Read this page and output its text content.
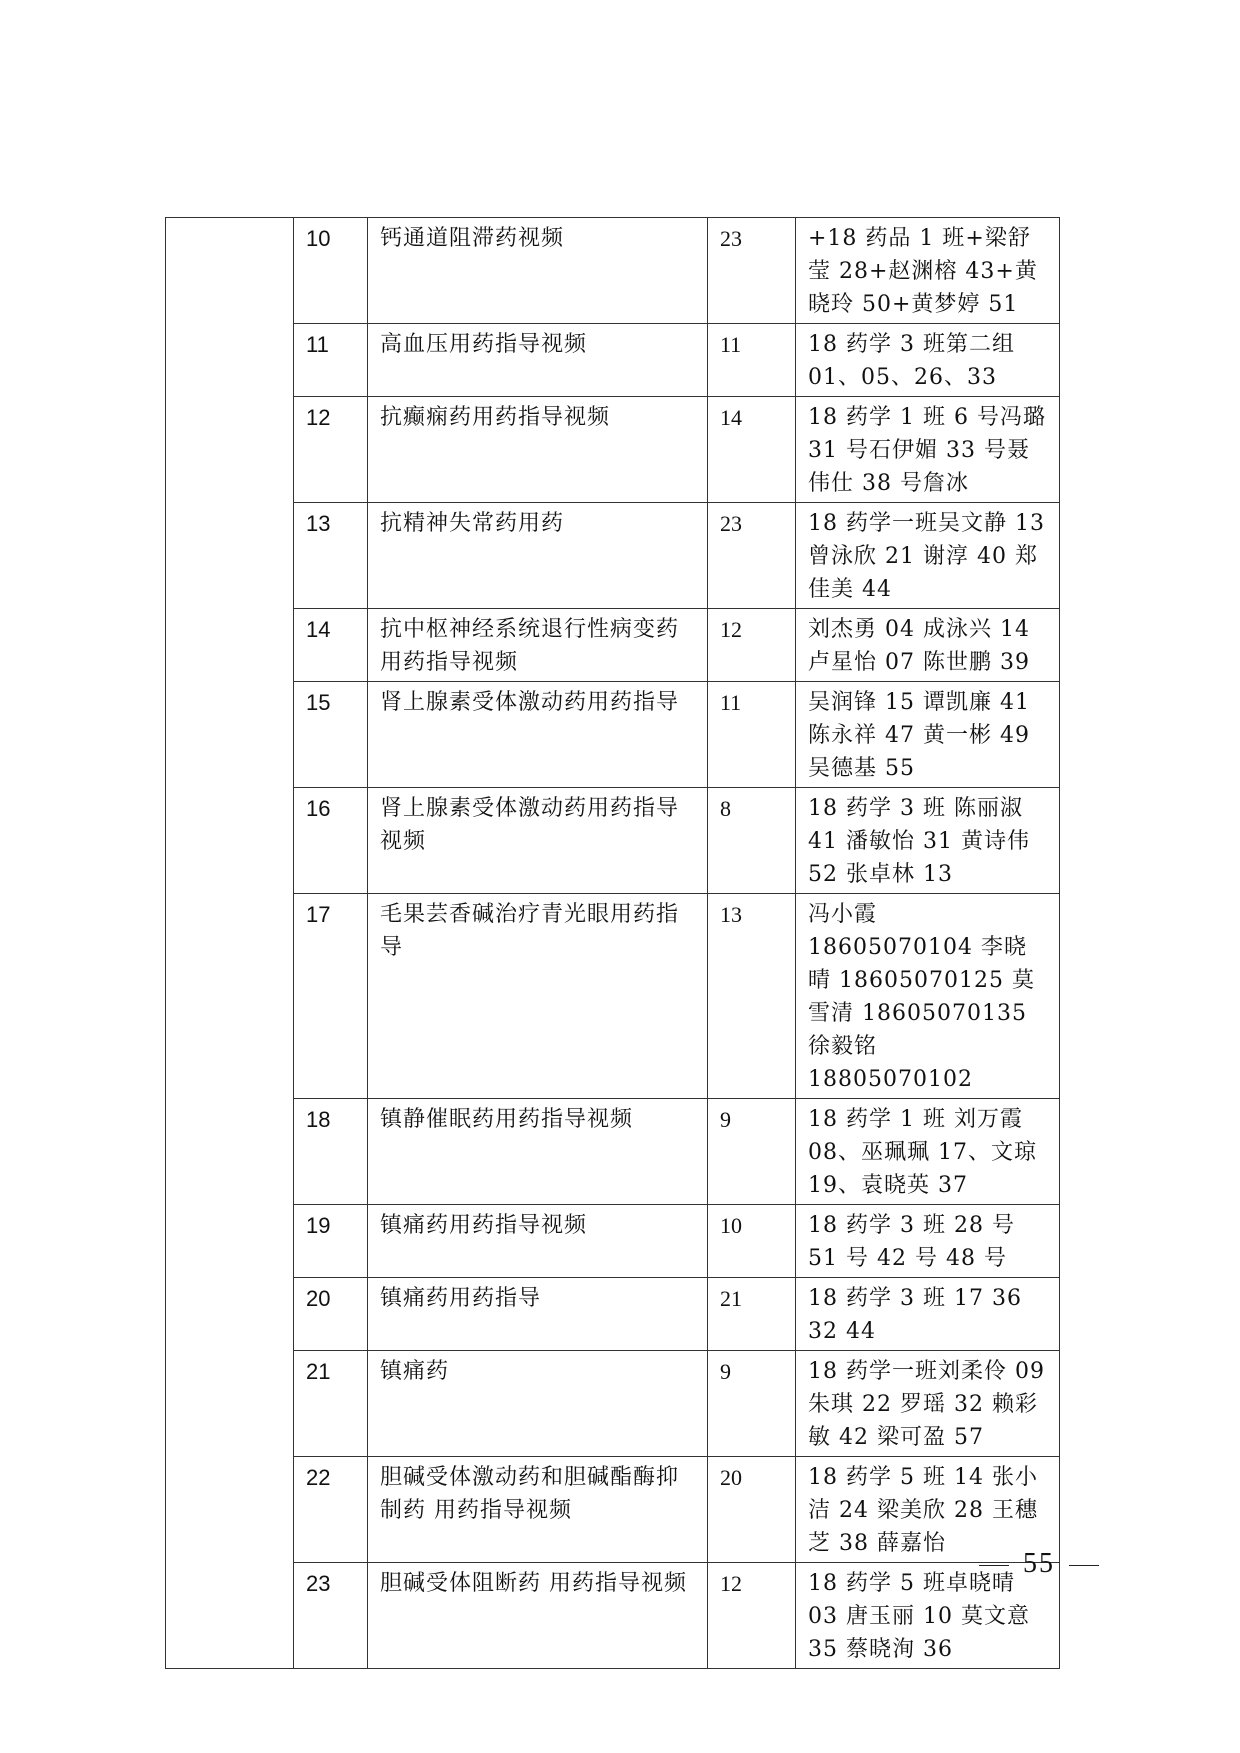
	10	钙通道阻滞药视频	23	+18 药品 1 班+梁舒莹 28+赵渊榕 43+黄晓玲 50+黄梦婷 51
	11	高血压用药指导视频	11	18 药学 3 班第二组 01、05、26、33
	12	抗癫痫药用药指导视频	14	18 药学 1 班 6 号冯璐 31 号石伊媚 33 号聂伟仕 38 号詹冰
	13	抗精神失常药用药	23	18 药学一班吴文静 13 曾泳欣 21 谢淳 40 郑佳美 44
	14	抗中枢神经系统退行性病变药用药指导视频	12	刘杰勇 04 成泳兴 14 卢星怡 07 陈世鹏 39
	15	肾上腺素受体激动药用药指导	11	吴润锋 15 谭凯廉 41 陈永祥 47 黄一彬 49 吴德基 55
	16	肾上腺素受体激动药用药指导视频	8	18 药学 3 班 陈丽淑 41 潘敏怡 31 黄诗伟 52 张卓林 13
	17	毛果芸香碱治疗青光眼用药指导	13	冯小霞 18605070104 李晓晴 18605070125 莫雪清 18605070135 徐毅铭 18805070102
	18	镇静催眠药用药指导视频	9	18 药学 1 班 刘万霞 08、巫珮珮 17、文琼 19、袁晓英 37
	19	镇痛药用药指导视频	10	18 药学 3 班 28 号 51 号 42 号 48 号
	20	镇痛药用药指导	21	18 药学 3 班 17 36 32 44
	21	镇痛药	9	18 药学一班刘柔伶 09 朱琪 22 罗瑶 32 赖彩敏 42 梁可盈 57
	22	胆碱受体激动药和胆碱酯酶抑制药 用药指导视频	20	18 药学 5 班 14 张小洁 24 梁美欣 28 王穗芝 38 薛嘉怡
	23	胆碱受体阻断药 用药指导视频	12	18 药学 5 班卓晓晴 03 唐玉丽 10 莫文意 35 蔡晓洵 36
55
